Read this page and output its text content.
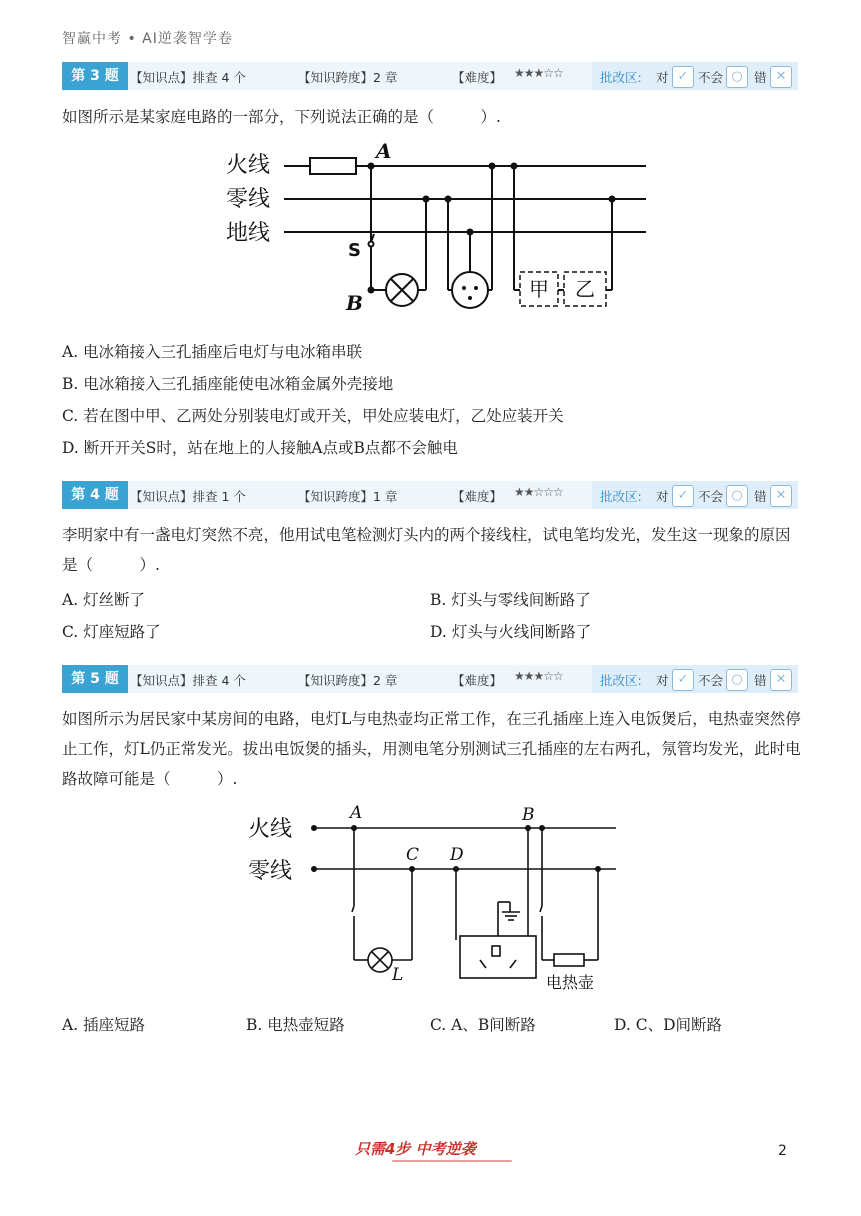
智赢中考 • AI逆袭智学卷
第 3 题 【知识点】排查 4 个	【知识跨度】2 章	【难度】 ★★★☆☆	批改区: 对 ✓ 不会 ○ 错 ✕
如图所示是某家庭电路的一部分，下列说法正确的是（　　　）.
火线
零线
地线
A
B
S
甲 乙
A. 电冰箱接入三孔插座后电灯与电冰箱串联
B. 电冰箱接入三孔插座能使电冰箱金属外壳接地
C. 若在图中甲、乙两处分别装电灯或开关，甲处应装电灯，乙处应装开关
D. 断开开关S时，站在地上的人接触A点或B点都不会触电
第 4 题 【知识点】排查 1 个	【知识跨度】1 章	【难度】 ★★☆☆☆	批改区: 对 ✓ 不会 ○ 错 ✕
李明家中有一盏电灯突然不亮，他用试电笔检测灯头内的两个接线柱，试电笔均发光，发生这一现象的原因是（　　　）.
A. 灯丝断了	B. 灯头与零线间断路了
C. 灯座短路了	D. 灯头与火线间断路了
第 5 题 【知识点】排查 4 个	【知识跨度】2 章	【难度】 ★★★☆☆	批改区: 对 ✓ 不会 ○ 错 ✕
如图所示为居民家中某房间的电路，电灯L与电热壶均正常工作，在三孔插座上连入电饭煲后，电热壶突然停止工作，灯L仍正常发光。拔出电饭煲的插头，用测电笔分别测试三孔插座的左右两孔，氖管均发光，此时电路故障可能是（　　　）.
火线
零线
A	B
C D
L	电热壶
A. 插座短路	B. 电热壶短路	C. A、B间断路	D. C、D间断路
只需4步 中考逆袭	2
